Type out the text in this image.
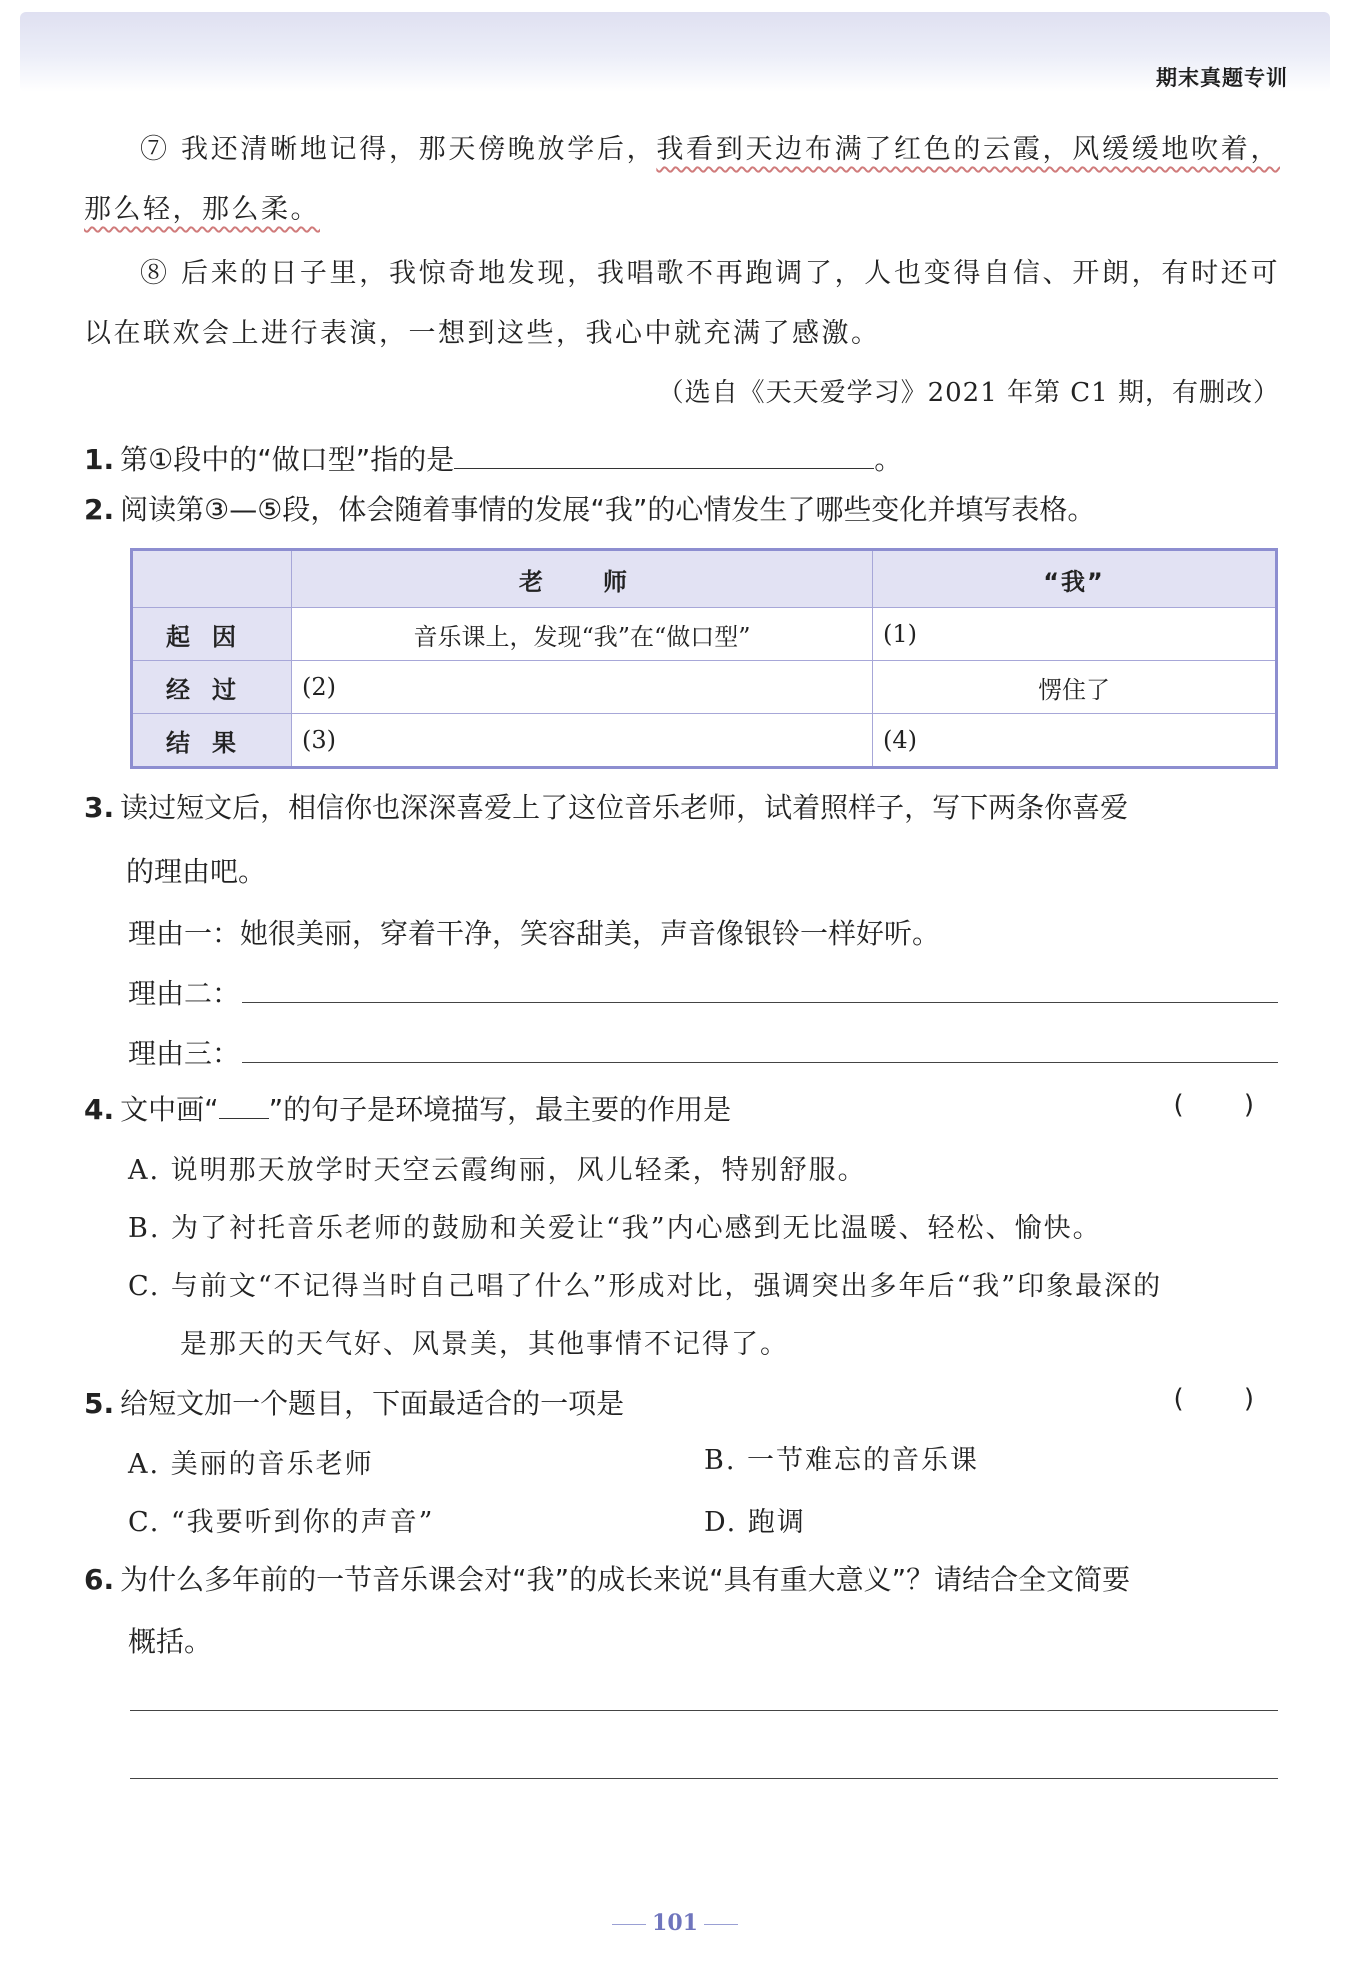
期末真题专训
⑦ 我还清晰地记得，那天傍晚放学后，我看到天边布满了红色的云霞，风缓缓地吹着，那么轻，那么柔。
⑧ 后来的日子里，我惊奇地发现，我唱歌不再跑调了，人也变得自信、开朗，有时还可以在联欢会上进行表演，一想到这些，我心中就充满了感激。
（选自《天天爱学习》2021 年第 C1 期，有删改）
1. 第①段中的“做口型”指的是	。
2. 阅读第③—⑤段，体会随着事情的发展“我”的心情发生了哪些变化并填写表格。
	老　师	“我”
起因	音乐课上，发现“我”在“做口型”	(1)
经过	(2)	愣住了
结果	(3)	(4)
3. 读过短文后，相信你也深深喜爱上了这位音乐老师，试着照样子，写下两条你喜爱
的理由吧。
理由一：她很美丽，穿着干净，笑容甜美，声音像银铃一样好听。
理由二：
理由三：
4. 文中画“ ”的句子是环境描写，最主要的作用是	( )
A. 说明那天放学时天空云霞绚丽，风儿轻柔，特别舒服。
B. 为了衬托音乐老师的鼓励和关爱让“我”内心感到无比温暖、轻松、愉快。
C. 与前文“不记得当时自己唱了什么”形成对比，强调突出多年后“我”印象最深的
是那天的天气好、风景美，其他事情不记得了。
5. 给短文加一个题目，下面最适合的一项是	( )
A. 美丽的音乐老师	B. 一节难忘的音乐课
C. “我要听到你的声音”	D. 跑调
6. 为什么多年前的一节音乐课会对“我”的成长来说“具有重大意义”？请结合全文简要
概括。
101
